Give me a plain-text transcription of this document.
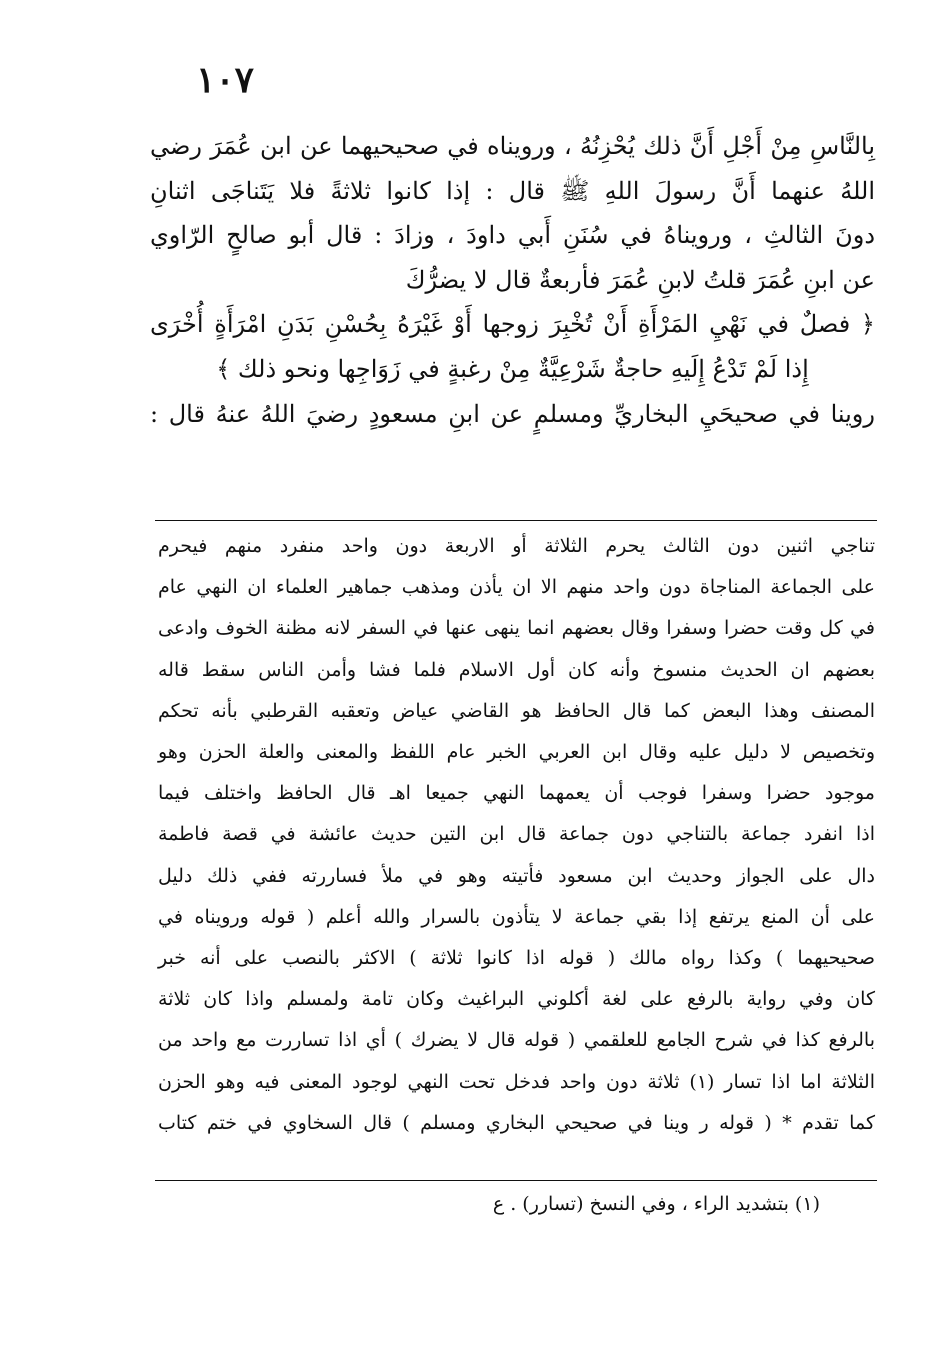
١٠٧
بِالنَّاسِ مِنْ أَجْلِ أَنَّ ذلك يُحْزِنُهُ ، ورويناه في صحيحيهما عن ابن عُمَرَ رضي
اللهُ عنهما أَنَّ رسولَ اللهِ ﷺ قال : إذا كانوا ثلاثةً فلا يَتَناجَى اثنانِ
دونَ الثالثِ ، ورويناهُ في سُنَنِ أَبي داودَ ، وزادَ : قال أبو صالحٍ الرّاوي
عن ابنِ عُمَرَ قلتُ لابنِ عُمَرَ فأربعةٌ قال لا يضرُّكَ
﴿ فصلٌ في نَهْيِ المَرْأَةِ أَنْ تُخْبِرَ زوجها أَوْ غَيْرَهُ بِحُسْنِ بَدَنِ امْرَأَةٍ أُخْرَى
إِذا لَمْ تَدْعُ إِلَيهِ حاجةٌ شَرْعِيَّةٌ مِنْ رغبةٍ في زَوَاجِها ونحو ذلك ﴾
روينا في صحيحَيِ البخاريِّ ومسلمٍ عن ابنِ مسعودٍ رضيَ اللهُ عنهُ قال :
تناجي اثنين دون الثالث يحرم الثلاثة أو الاربعة دون واحد منفرد منهم فيحرم
على الجماعة المناجاة دون واحد منهم الا ان يأذن ومذهب جماهير العلماء ان النهي عام
في كل وقت حضرا وسفرا وقال بعضهم انما ينهى عنها في السفر لانه مظنة الخوف وادعى
بعضهم ان الحديث منسوخ وأنه كان أول الاسلام فلما فشا وأمن الناس سقط قاله
المصنف وهذا البعض كما قال الحافظ هو القاضي عياض وتعقبه القرطبي بأنه تحكم
وتخصيص لا دليل عليه وقال ابن العربي الخبر عام اللفظ والمعنى والعلة الحزن وهو
موجود حضرا وسفرا فوجب أن يعمهما النهي جميعا اهـ قال الحافظ واختلف فيما
اذا انفرد جماعة بالتناجي دون جماعة قال ابن التين حديث عائشة في قصة فاطمة
دال على الجواز وحديث ابن مسعود فأتيته وهو في ملأ فساررته ففي ذلك دليل
على أن المنع يرتفع إذا بقي جماعة لا يتأذون بالسرار والله أعلم ( قوله ورويناه في
صحيحيهما ) وكذا رواه مالك ( قوله اذا كانوا ثلاثة ) الاكثر بالنصب على أنه خبر
كان وفي رواية بالرفع على لغة أكلوني البراغيث وكان تامة ولمسلم واذا كان ثلاثة
بالرفع كذا في شرح الجامع للعلقمي ( قوله قال لا يضرك ) أي اذا تساررت مع واحد من
الثلاثة اما اذا تسار (١) ثلاثة دون واحد فدخل تحت النهي لوجود المعنى فيه وهو الحزن
كما تقدم * ( قوله ر وينا في صحيحي البخاري ومسلم ) قال السخاوي في ختم كتاب
(١) بتشديد الراء ، وفي النسخ (تسارر) . ع
